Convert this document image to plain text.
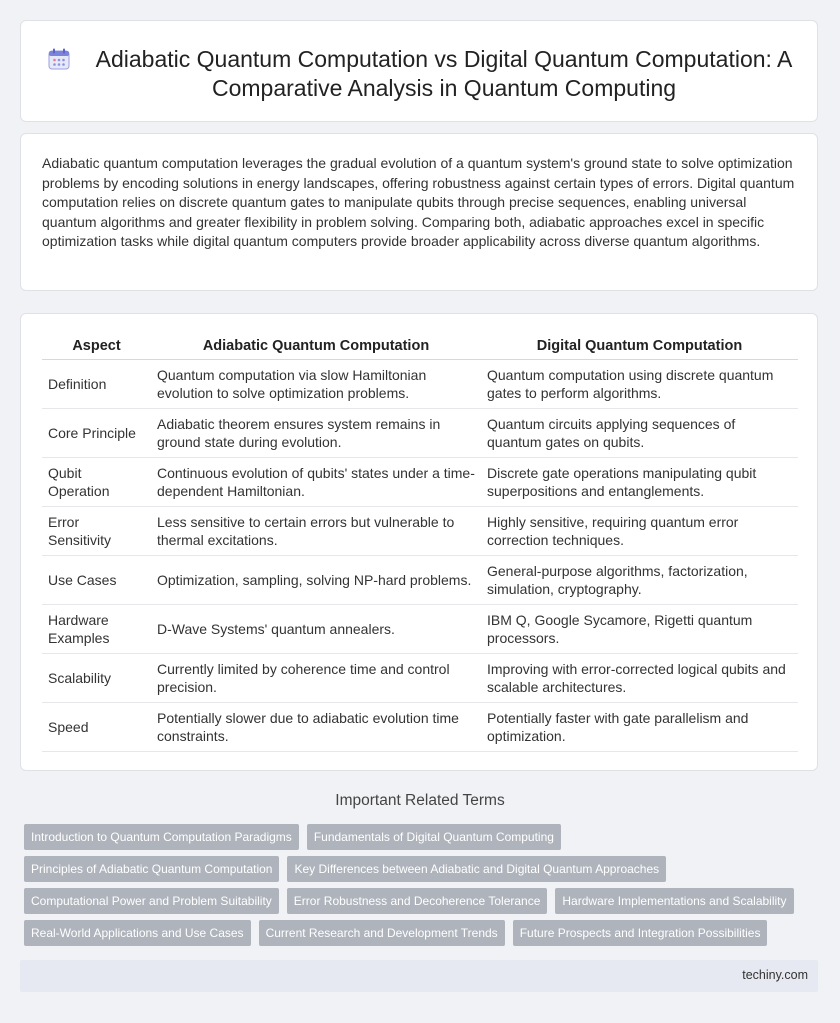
Adiabatic Quantum Computation vs Digital Quantum Computation: A Comparative Analysis in Quantum Computing

Adiabatic quantum computation leverages the gradual evolution of a quantum system's ground state to solve optimization problems by encoding solutions in energy landscapes, offering robustness against certain types of errors. Digital quantum computation relies on discrete quantum gates to manipulate qubits through precise sequences, enabling universal quantum algorithms and greater flexibility in problem solving. Comparing both, adiabatic approaches excel in specific optimization tasks while digital quantum computers provide broader applicability across diverse quantum algorithms.

Aspect	Adiabatic Quantum Computation	Digital Quantum Computation
Definition	Quantum computation via slow Hamiltonian evolution to solve optimization problems.	Quantum computation using discrete quantum gates to perform algorithms.
Core Principle	Adiabatic theorem ensures system remains in ground state during evolution.	Quantum circuits applying sequences of quantum gates on qubits.
Qubit Operation	Continuous evolution of qubits' states under a time-dependent Hamiltonian.	Discrete gate operations manipulating qubit superpositions and entanglements.
Error Sensitivity	Less sensitive to certain errors but vulnerable to thermal excitations.	Highly sensitive, requiring quantum error correction techniques.
Use Cases	Optimization, sampling, solving NP-hard problems.	General-purpose algorithms, factorization, simulation, cryptography.
Hardware Examples	D-Wave Systems' quantum annealers.	IBM Q, Google Sycamore, Rigetti quantum processors.
Scalability	Currently limited by coherence time and control precision.	Improving with error-corrected logical qubits and scalable architectures.
Speed	Potentially slower due to adiabatic evolution time constraints.	Potentially faster with gate parallelism and optimization.
Important Related Terms
Introduction to Quantum Computation Paradigms	Fundamentals of Digital Quantum Computing
Principles of Adiabatic Quantum Computation	Key Differences between Adiabatic and Digital Quantum Approaches
Computational Power and Problem Suitability	Error Robustness and Decoherence Tolerance	Hardware Implementations and Scalability
Real-World Applications and Use Cases	Current Research and Development Trends	Future Prospects and Integration Possibilities
techiny.com
